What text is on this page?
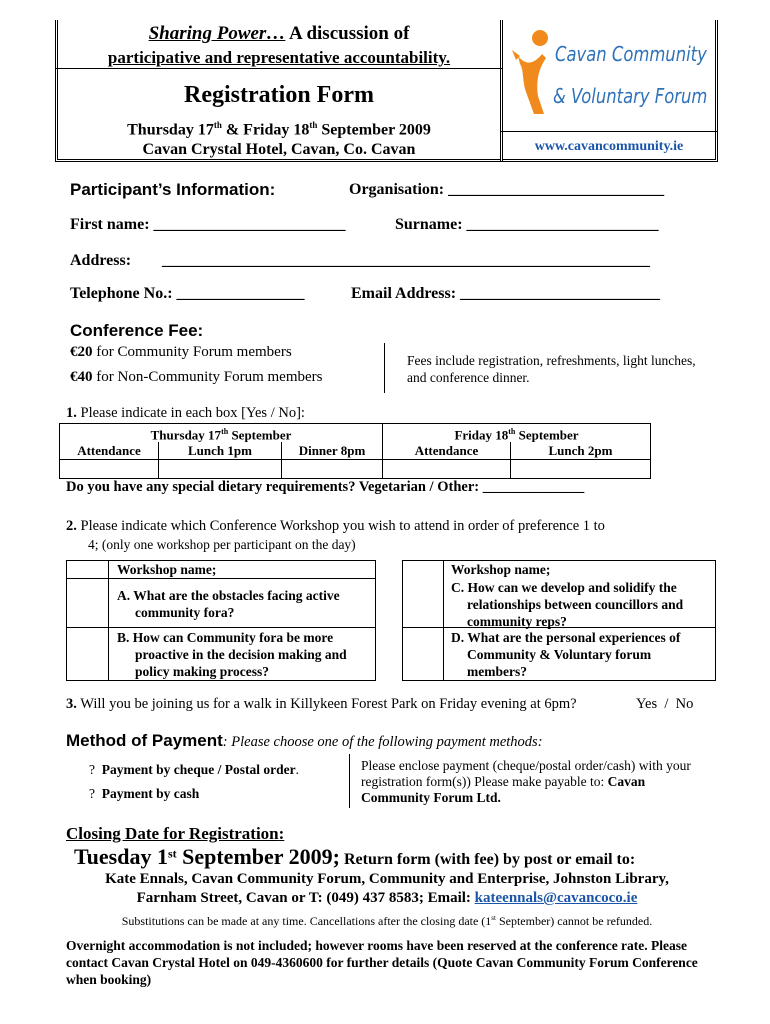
Sharing Power… A discussion of
participative and representative accountability.
Registration Form
Thursday 17th & Friday 18th September 2009
Cavan Crystal Hotel, Cavan, Co. Cavan
Cavan Community
& Voluntary Forum
www.cavancommunity.ie
Participant’s Information:	Organisation: ___________________________
First name: ________________________	Surname: ________________________
Address: _____________________________________________________________
Telephone No.: ________________	Email Address: _________________________
Conference Fee:
€20 for Community Forum members
€40 for Non-Community Forum members
Fees include registration, refreshments, light lunches, and conference dinner.
1. Please indicate in each box [Yes / No]:
Thursday 17th September			Friday 18th September	
Attendance	Lunch 1pm	Dinner 8pm	Attendance	Lunch 2pm

Do you have any special dietary requirements? Vegetarian / Other: ______________
2. Please indicate which Conference Workshop you wish to attend in order of preference 1 to
4; (only one workshop per participant on the day)
Workshop name;
A. What are the obstacles facing active community fora?
B. How can Community fora be more proactive in the decision making and policy making process?
Workshop name;
C. How can we develop and solidify the relationships between councillors and community reps?
D. What are the personal experiences of Community & Voluntary forum members?
3. Will you be joining us for a walk in Killykeen Forest Park on Friday evening at 6pm?	Yes  /  No
Method of Payment: Please choose one of the following payment methods:
? Payment by cheque / Postal order.
? Payment by cash
Please enclose payment (cheque/postal order/cash) with your registration form(s)) Please make payable to: Cavan Community Forum Ltd.
Closing Date for Registration:
Tuesday 1st September 2009; Return form (with fee) by post or email to:
Kate Ennals, Cavan Community Forum, Community and Enterprise, Johnston Library,
Farnham Street, Cavan or T: (049) 437 8583; Email: kateennals@cavancoco.ie
Substitutions can be made at any time. Cancellations after the closing date (1st September) cannot be refunded.
Overnight accommodation is not included; however rooms have been reserved at the conference rate. Please contact Cavan Crystal Hotel on 049-4360600 for further details (Quote Cavan Community Forum Conference when booking)
